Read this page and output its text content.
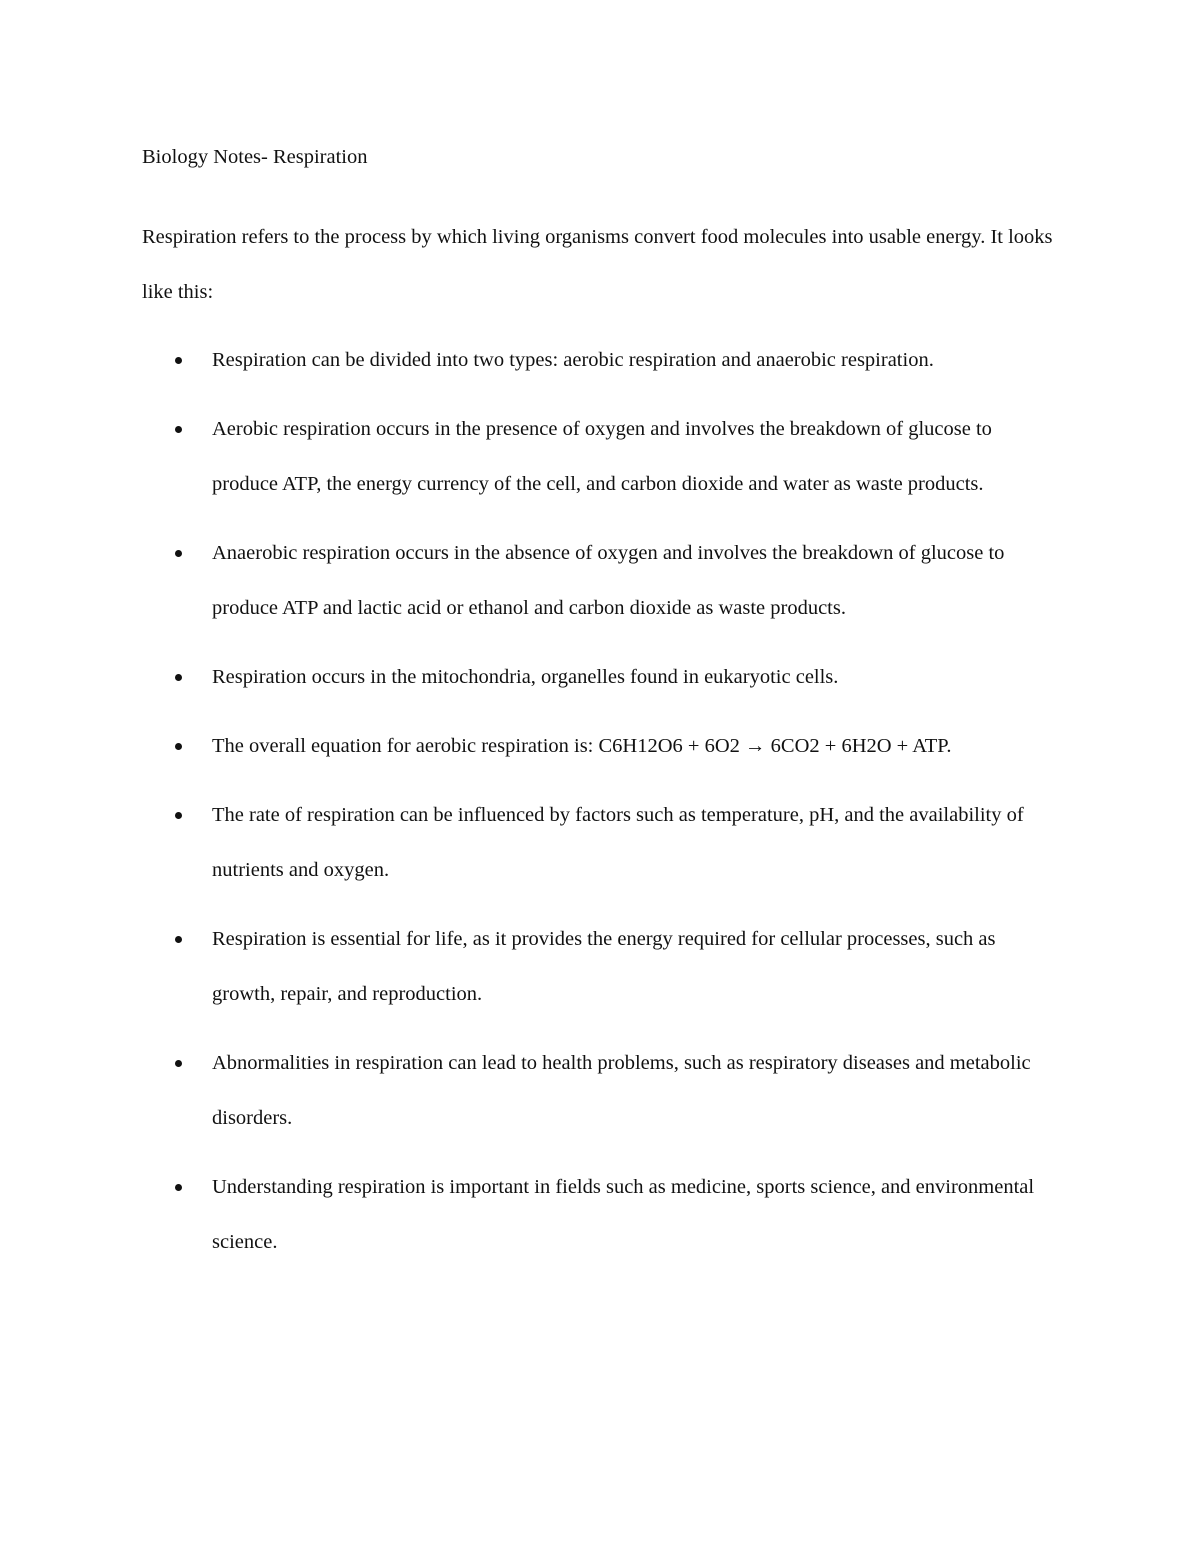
Biology Notes- Respiration

Respiration refers to the process by which living organisms convert food molecules into usable energy. It looks like this:

Respiration can be divided into two types: aerobic respiration and anaerobic respiration.
Aerobic respiration occurs in the presence of oxygen and involves the breakdown of glucose to produce ATP, the energy currency of the cell, and carbon dioxide and water as waste products.
Anaerobic respiration occurs in the absence of oxygen and involves the breakdown of glucose to produce ATP and lactic acid or ethanol and carbon dioxide as waste products.
Respiration occurs in the mitochondria, organelles found in eukaryotic cells.
The overall equation for aerobic respiration is: C6H12O6 + 6O2 → 6CO2 + 6H2O + ATP.
The rate of respiration can be influenced by factors such as temperature, pH, and the availability of nutrients and oxygen.
Respiration is essential for life, as it provides the energy required for cellular processes, such as growth, repair, and reproduction.
Abnormalities in respiration can lead to health problems, such as respiratory diseases and metabolic disorders.
Understanding respiration is important in fields such as medicine, sports science, and environmental science.
